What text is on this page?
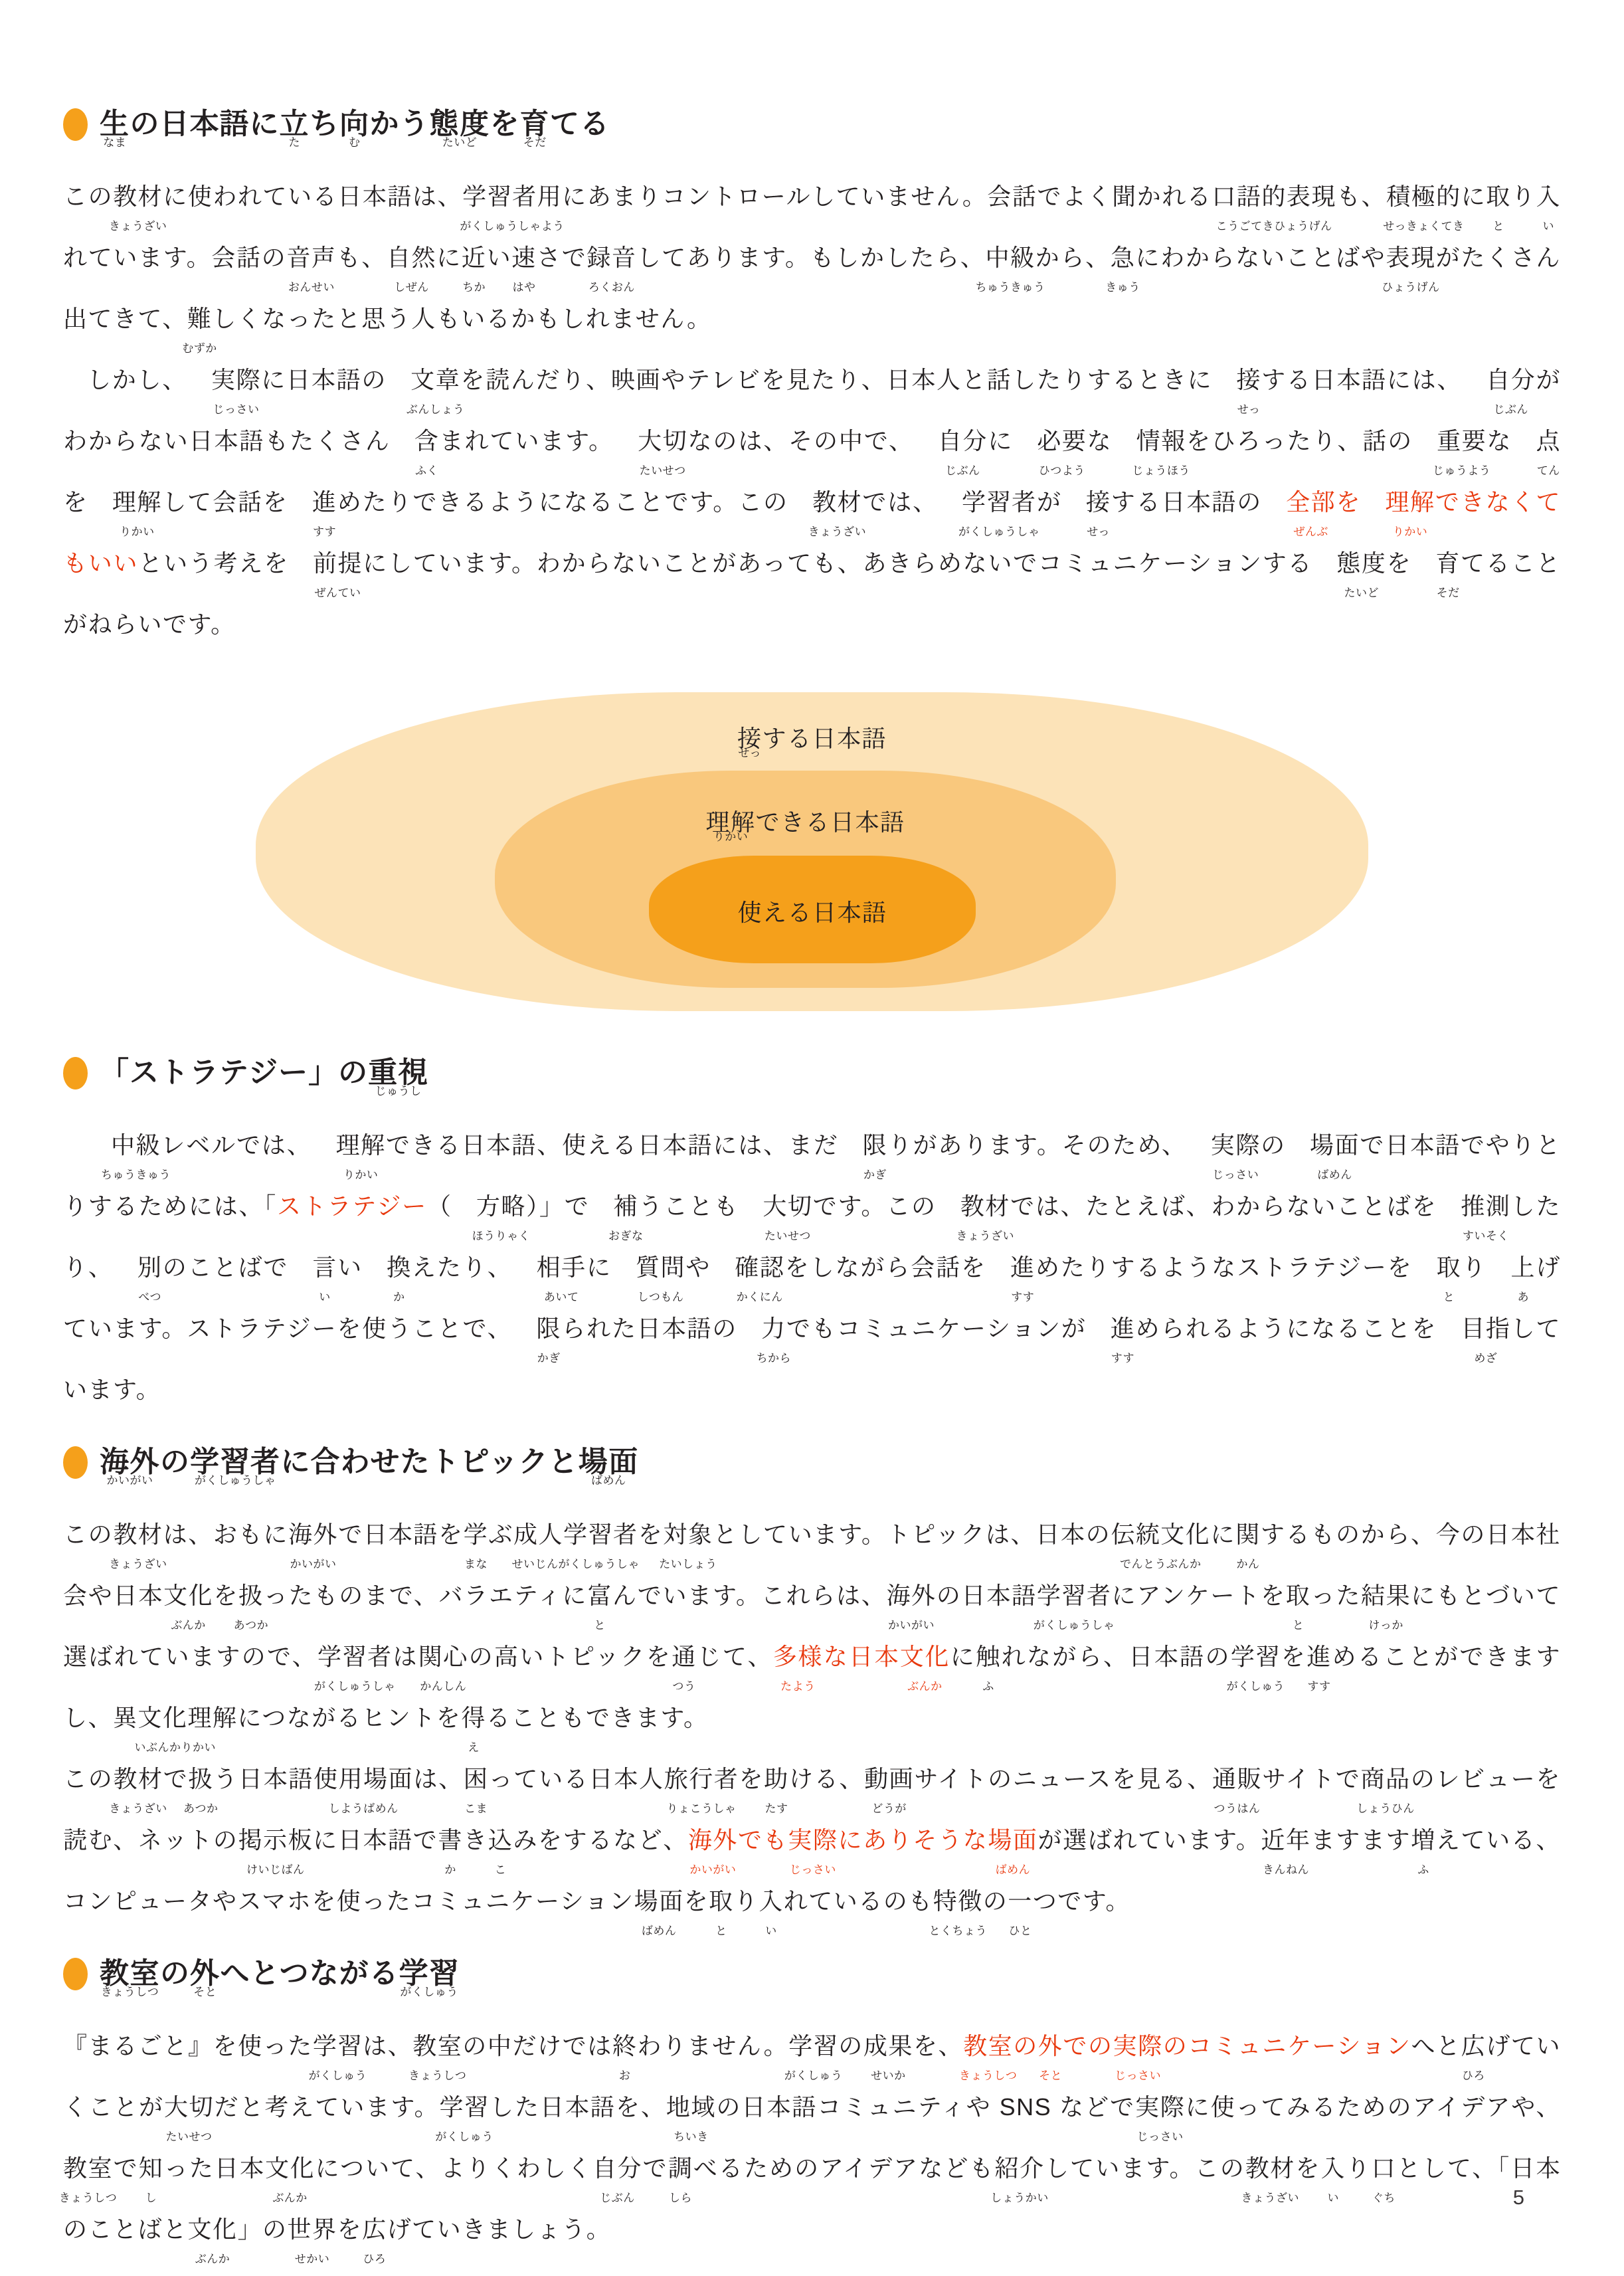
生 なまの日本語に立 たち向 むかう態度 たいどを育 そだてる

この教材 きょうざいに使われている日本語は、学習者用 がくしゅうしゃようにあまりコントロールしていません。会話でよく聞かれる口語的表現 こうごてきひょうげんも、積極的 せっきょくてきに取 とり入 いれています。会話の音声 おんせいも、自然 しぜんに近 ちかい速 はやさで録音 ろくおんしてあります。もしかしたら、中級 ちゅうきゅうから、急 きゅうにわからないことばや表現 ひょうげんがたくさん出てきて、難 むずかしくなったと思う人もいるかもしれません。

しかし、 実際 じっさいに日本語の 文章 ぶんしょうを読んだり、映画やテレビを見たり、日本人と話したりするときに 接 せっする日本語には、 自分 じぶんがわからない日本語もたくさん 含 ふくまれています。 大切 たいせつなのは、その中で、 自分 じぶんに 必要 ひつような 情報 じょうほうをひろったり、話の 重要 じゅうような 点 てんを 理解 りかいして会話を 進 すすめたりできるようになることです。この 教材 きょうざいでは、 学習者 がくしゅうしゃが 接 せっする日本語の 全部 ぜんぶを 理解 りかいできなくてもいいという考えを 前提 ぜんていにしています。わからないことがあっても、あきらめないでコミュニケーションする 態度 たいどを 育 そだてることがねらいです。

接 せっする日本語
理解 りかいできる日本語
使える日本語
「ストラテジー」の重視 じゅうし

中級 ちゅうきゅうレベルでは、 理解 りかいできる日本語、使える日本語には、まだ 限 かぎりがあります。そのため、 実際 じっさいの 場面 ばめんで日本語でやりとりするためには、「ストラテジー（ 方略 ほうりゃく）」で 補 おぎなうことも 大切 たいせつです。この 教材 きょうざいでは、たとえば、わからないことばを 推測 すいそくしたり、 別 べつのことばで 言 いい 換 かえたり、 相手 あいてに 質問 しつもんや 確認 かくにんをしながら会話を 進 すすめたりするようなストラテジーを 取 とり 上 あげています。ストラテジーを使うことで、 限 かぎられた日本語の 力 ちからでもコミュニケーションが 進 すすめられるようになることを 目指 めざしています。

海外 かいがいの学習者 がくしゅうしゃに合わせたトピックと場面 ばめん

この教材 きょうざいは、おもに海外 かいがいで日本語を学 まなぶ成人学習者 せいじんがくしゅうしゃを対象 たいしょうとしています。トピックは、日本の伝統文化 でんとうぶんかに関 かんするものから、今の日本社会や日本文化 ぶんかを扱 あつかったものまで、バラエティに富 とんでいます。これらは、海外 かいがいの日本語学習者 がくしゅうしゃにアンケートを取 とった結果 けっかにもとづいて選ばれていますので、学習者 がくしゅうしゃは関心 かんしんの高いトピックを通 つうじて、多様 たような日本文化 ぶんかに触 ふれながら、日本語の学習 がくしゅうを進 すすめることができますし、異文化理解 いぶんかりかいにつながるヒントを得 えることもできます。

この教材 きょうざいで扱 あつかう日本語使用場面 しようばめんは、困 こまっている日本人旅行者 りょこうしゃを助 たすける、動画 どうがサイトのニュースを見る、通販 つうはんサイトで商品 しょうひんのレビューを読む、ネットの掲示板 けいじばんに日本語で書 かき込 こみをするなど、海外 かいがいでも実際 じっさいにありそうな場面 ばめんが選ばれています。近年 きんねんますます増 ふえている、コンピュータやスマホを使ったコミュニケーション場面 ばめんを取 とり入 いれているのも特徴 とくちょうの一 ひとつです。

教室 きょうしつの外 そとへとつながる学習 がくしゅう

『まるごと』を使った学習 がくしゅうは、教室 きょうしつの中だけでは終 おわりません。学習 がくしゅうの成果 せいかを、教室 きょうしつの外 そとでの実際 じっさいのコミュニケーションへと広 ひろげていくことが大切 たいせつだと考えています。学習 がくしゅうした日本語を、地域 ちいきの日本語コミュニティや SNS などで実際 じっさいに使ってみるためのアイデアや、教室 きょうしつで知 しった日本文化 ぶんかについて、よりくわしく自分 じぶんで調 しらべるためのアイデアなども紹介 しょうかいしています。この教材 きょうざいを入 いり口 ぐちとして、「日本のことばと文化 ぶんか」の世界 せかいを広 ひろげていきましょう。

5
